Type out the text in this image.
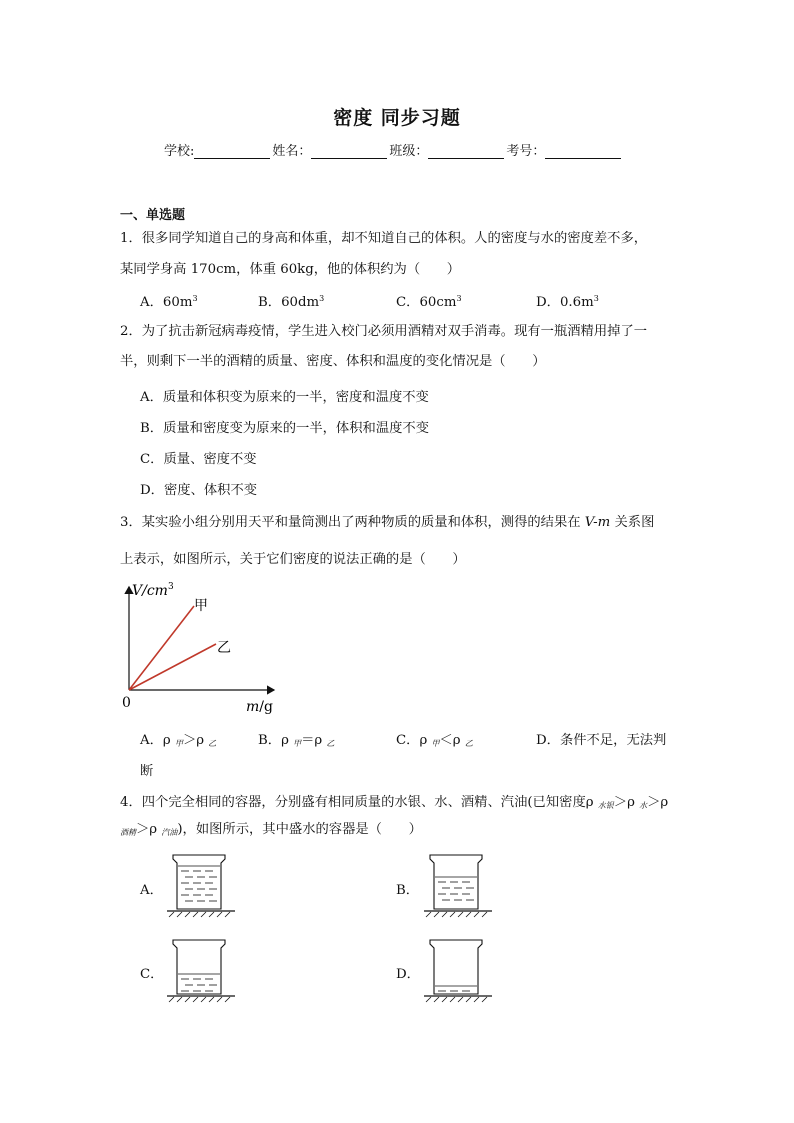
密度 同步习题
学校:	姓名：	班级：	考号：
一、单选题
1．很多同学知道自己的身高和体重，却不知道自己的体积。人的密度与水的密度差不多，
某同学身高 170cm，体重 60kg，他的体积约为（　　）
A．$60m^3$	B．$60dm^3$	C．$60cm^3$	D．$0.6m^3$
2．为了抗击新冠病毒疫情，学生进入校门必须用酒精对双手消毒。现有一瓶酒精用掉了一
半，则剩下一半的酒精的质量、密度、体积和温度的变化情况是（　　）
A．质量和体积变为原来的一半，密度和温度不变
B．质量和密度变为原来的一半，体积和温度不变
C．质量、密度不变
D．密度、体积不变
3．某实验小组分别用天平和量筒测出了两种物质的质量和体积，测得的结果在 V-m 关系图
上表示，如图所示，关于它们密度的说法正确的是（　　）
$V/cm^3$
甲
乙
0	m/g
A．ρ $_甲$＞ρ $_乙$	B．ρ $_甲$＝ρ $_乙$	C．ρ $_甲$＜ρ $_乙$	D．条件不足，无法判
断
4．四个完全相同的容器，分别盛有相同质量的水银、水、酒精、汽油(已知密度ρ $_{水银}$＞ρ $_水$＞ρ
$_{酒精}$＞ρ $_{汽油}$)，如图所示，其中盛水的容器是（　　）
A．	B．
C．	D．
